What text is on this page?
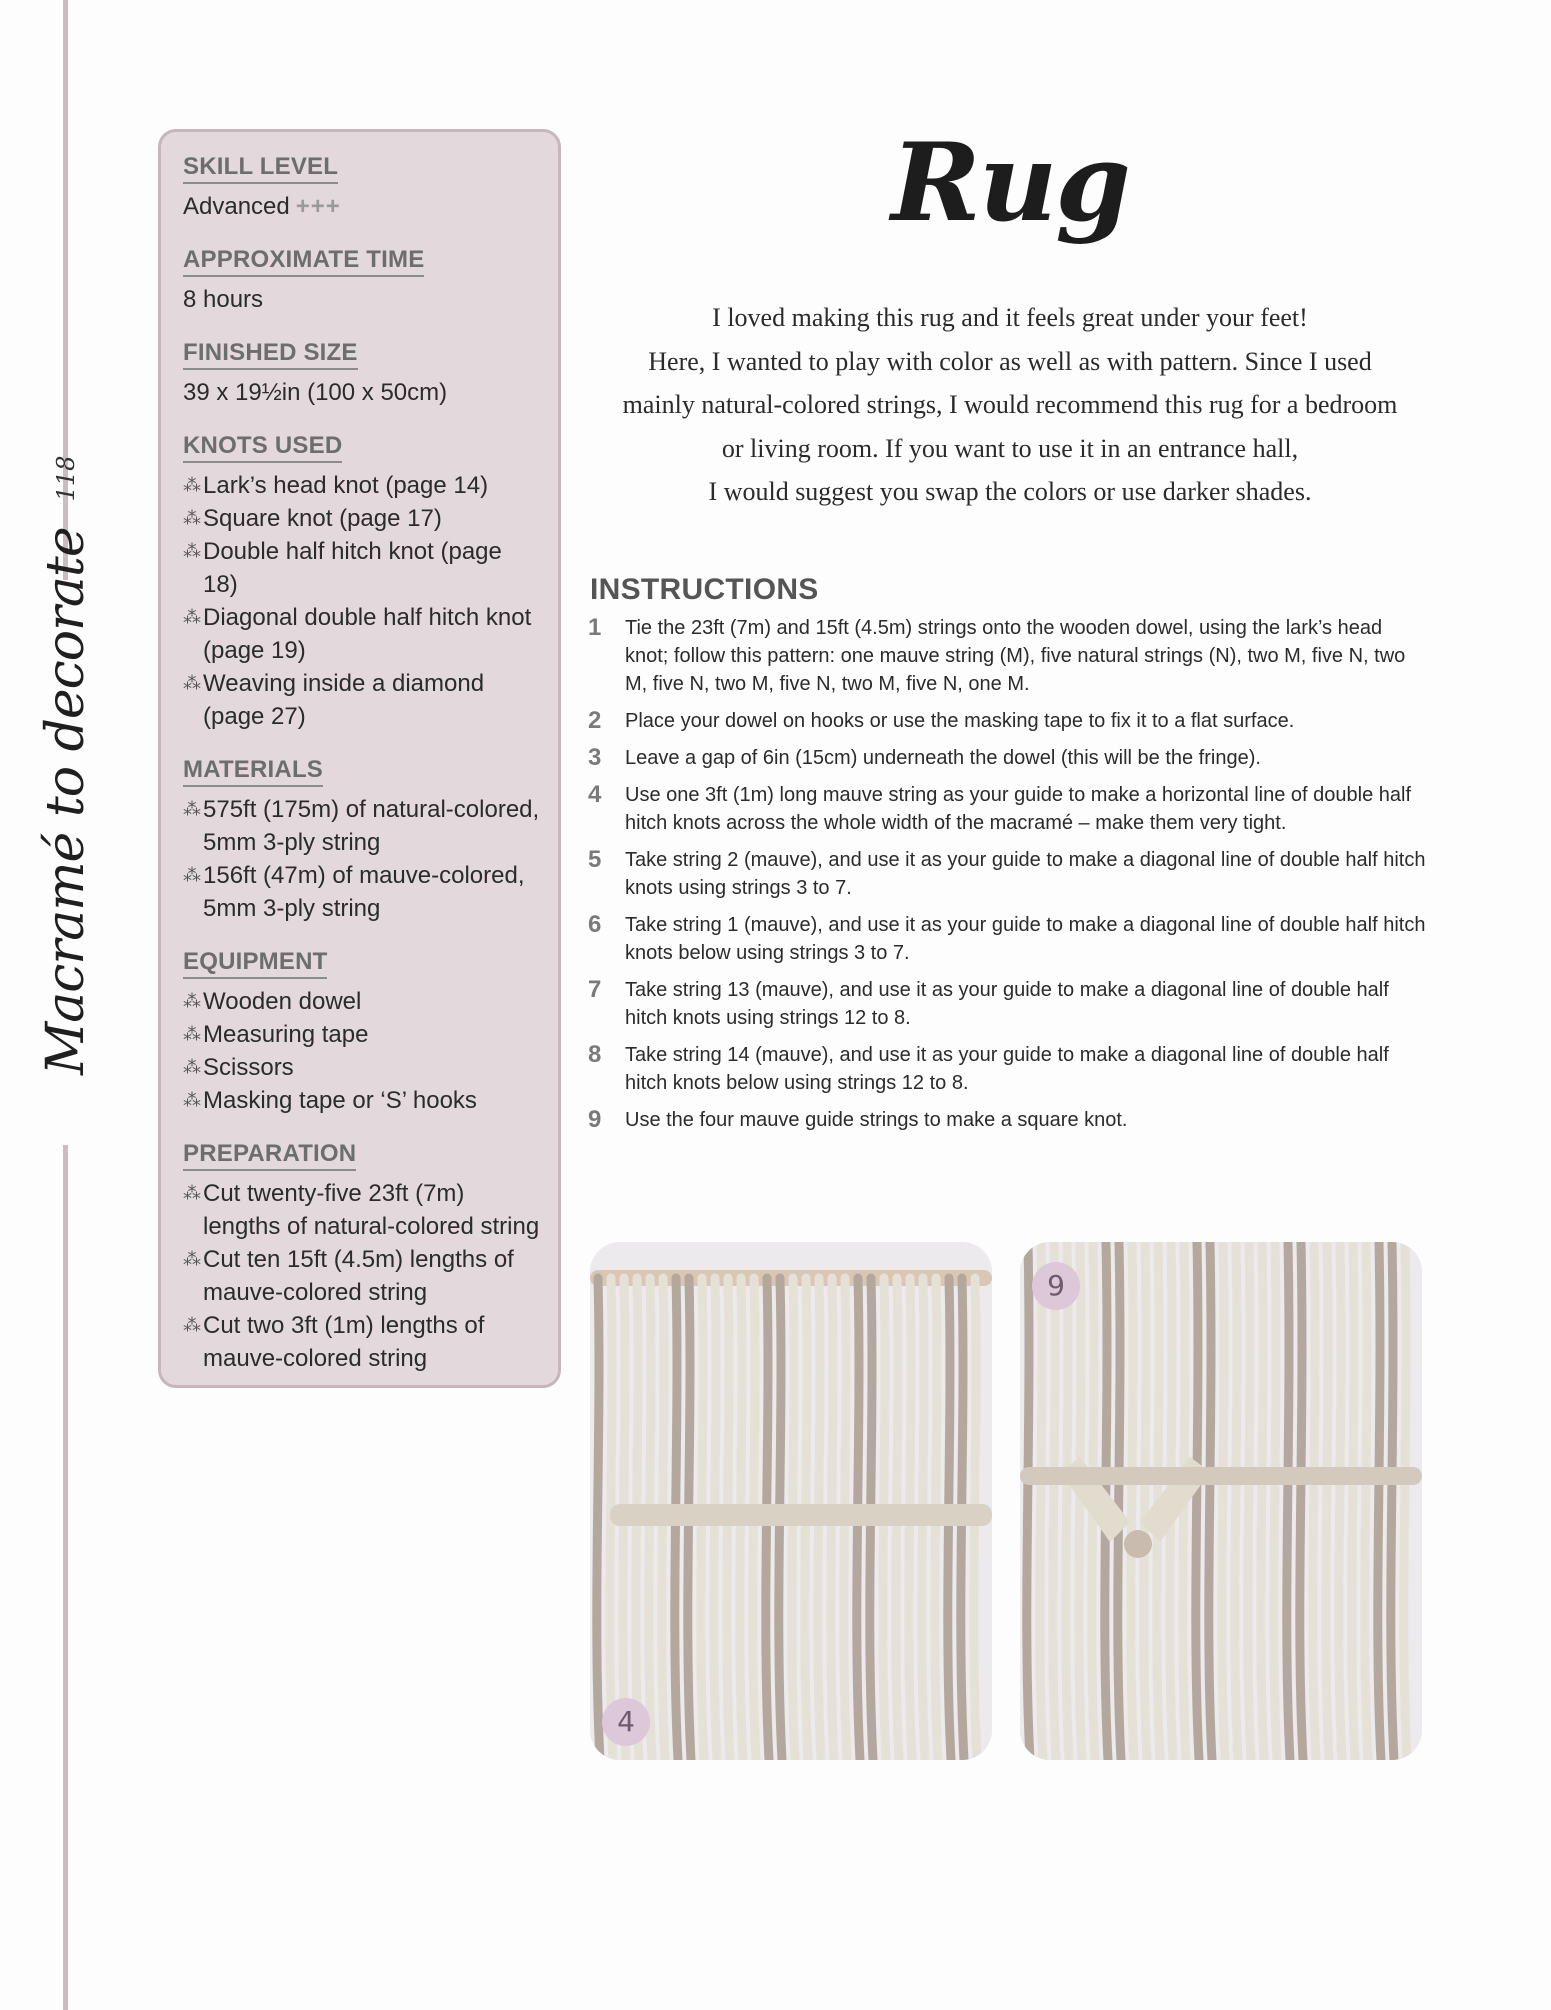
Macramé to decorate
118
SKILL LEVEL
Advanced +++
APPROXIMATE TIME
8 hours
FINISHED SIZE
39 x 19½in (100 x 50cm)
KNOTS USED
⁂ Lark’s head knot (page 14)
⁂ Square knot (page 17)
⁂ Double half hitch knot (page 18)
⁂ Diagonal double half hitch knot (page 19)
⁂ Weaving inside a diamond (page 27)
MATERIALS
⁂ 575ft (175m) of natural-colored, 5mm 3-ply string
⁂ 156ft (47m) of mauve-colored, 5mm 3-ply string
EQUIPMENT
⁂ Wooden dowel
⁂ Measuring tape
⁂ Scissors
⁂ Masking tape or ‘S’ hooks
PREPARATION
⁂ Cut twenty-five 23ft (7m) lengths of natural-colored string
⁂ Cut ten 15ft (4.5m) lengths of mauve-colored string
⁂ Cut two 3ft (1m) lengths of mauve-colored string
Rug
I loved making this rug and it feels great under your feet!
Here, I wanted to play with color as well as with pattern. Since I used
mainly natural-colored strings, I would recommend this rug for a bedroom
or living room. If you want to use it in an entrance hall,
I would suggest you swap the colors or use darker shades.
INSTRUCTIONS
1	Tie the 23ft (7m) and 15ft (4.5m) strings onto the wooden dowel, using the lark’s head knot; follow this pattern: one mauve string (M), five natural strings (N), two M, five N, two M, five N, two M, five N, two M, five N, one M.
2	Place your dowel on hooks or use the masking tape to fix it to a flat surface.
3	Leave a gap of 6in (15cm) underneath the dowel (this will be the fringe).
4	Use one 3ft (1m) long mauve string as your guide to make a horizontal line of double half hitch knots across the whole width of the macramé – make them very tight.
5	Take string 2 (mauve), and use it as your guide to make a diagonal line of double half hitch knots using strings 3 to 7.
6	Take string 1 (mauve), and use it as your guide to make a diagonal line of double half hitch knots below using strings 3 to 7.
7	Take string 13 (mauve), and use it as your guide to make a diagonal line of double half hitch knots using strings 12 to 8.
8	Take string 14 (mauve), and use it as your guide to make a diagonal line of double half hitch knots below using strings 12 to 8.
9	Use the four mauve guide strings to make a square knot.
4
9
